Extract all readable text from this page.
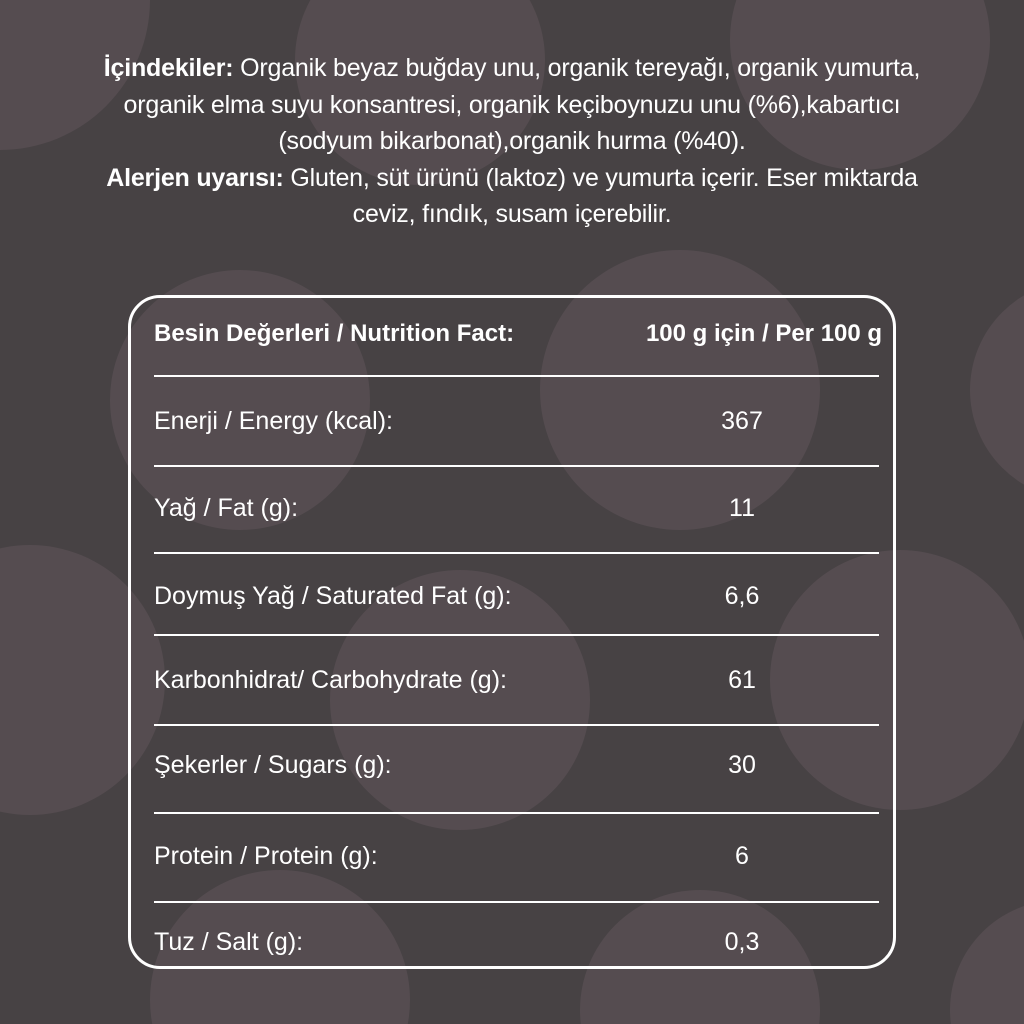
İçindekiler: Organik beyaz buğday unu, organik tereyağı, organik yumurta,

organik elma suyu konsantresi, organik keçiboynuzu unu (%6),kabartıcı

(sodyum bikarbonat),organik hurma (%40).

Alerjen uyarısı: Gluten, süt ürünü (laktoz) ve yumurta içerir. Eser miktarda

ceviz, fındık, susam içerebilir.

Besin Değerleri / Nutrition Fact:	100 g için / Per 100 g
Enerji / Energy (kcal):	367
Yağ / Fat (g):	11
Doymuş Yağ / Saturated Fat (g):	6,6
Karbonhidrat/ Carbohydrate (g):	61
Şekerler / Sugars (g):	30
Protein / Protein (g):	6
Tuz / Salt (g):	0,3
